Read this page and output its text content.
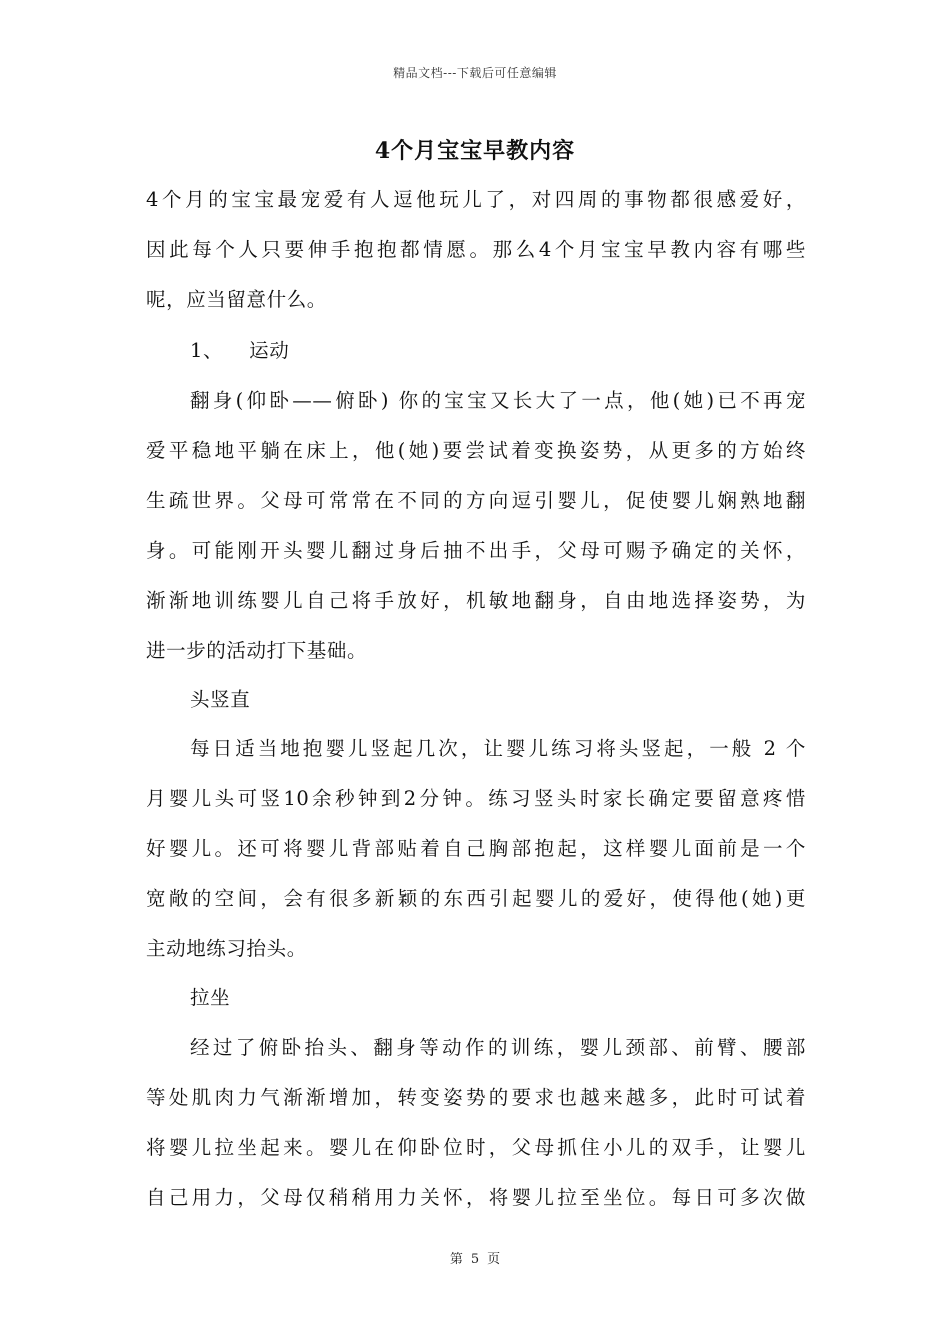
精品文档---下载后可任意编辑
4个月宝宝早教内容
4个月的宝宝最宠爱有人逗他玩儿了，对四周的事物都很感爱好，
因此每个人只要伸手抱抱都情愿。那么4个月宝宝早教内容有哪些
呢，应当留意什么。
1、 运动
翻身(仰卧——俯卧) 你的宝宝又长大了一点，他(她)已不再宠
爱平稳地平躺在床上，他(她)要尝试着变换姿势，从更多的方始终
生疏世界。父母可常常在不同的方向逗引婴儿，促使婴儿娴熟地翻
身。可能刚开头婴儿翻过身后抽不出手，父母可赐予确定的关怀，
渐渐地训练婴儿自己将手放好，机敏地翻身，自由地选择姿势，为
进一步的活动打下基础。
头竖直
每日适当地抱婴儿竖起几次，让婴儿练习将头竖起，一般 2 个
月婴儿头可竖10余秒钟到2分钟。练习竖头时家长确定要留意疼惜
好婴儿。还可将婴儿背部贴着自己胸部抱起，这样婴儿面前是一个
宽敞的空间，会有很多新颖的东西引起婴儿的爱好，使得他(她)更
主动地练习抬头。
拉坐
经过了俯卧抬头、翻身等动作的训练，婴儿颈部、前臂、腰部
等处肌肉力气渐渐增加，转变姿势的要求也越来越多，此时可试着
将婴儿拉坐起来。婴儿在仰卧位时，父母抓住小儿的双手，让婴儿
自己用力，父母仅稍稍用力关怀，将婴儿拉至坐位。每日可多次做
第 5 页
